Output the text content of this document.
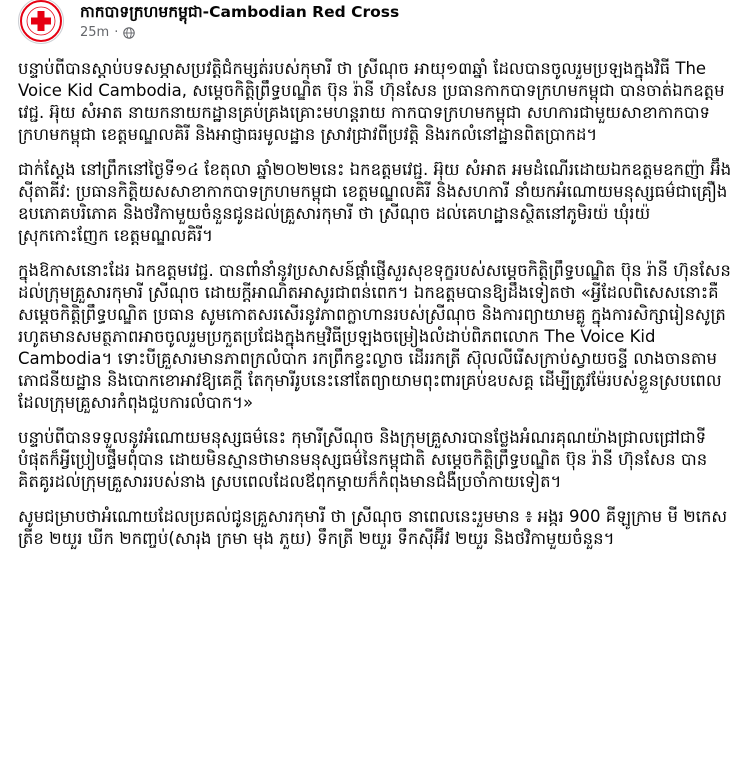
កាកបាទក្រហមកម្ពុជា-Cambodian Red Cross
25m ·

បន្ទាប់ពីបានស្តាប់បទសម្ភាសប្រវត្តិជំកម្សត់របស់កុមារី ថា ស្រីណុច អាយុ១៣ឆ្នាំ ដែលបានចូលរួមប្រឡងក្នុងវិធី The Voice Kid Cambodia, សម្តេចកិត្តិព្រឹទ្ធបណ្ឌិត ប៊ុន រ៉ានី ហ៊ុនសែន ប្រធានកាកបាទក្រហមកម្ពុជា បានចាត់ឯកឧត្តមវេជ្ជ. អ៊ុយ សំអាត នាយកនាយកដ្ឋានគ្រប់គ្រងគ្រោះមហន្តរាយ កាកបាទក្រហមកម្ពុជា សហការជាមួយសាខាកាកបាទក្រហមកម្ពុជា ខេត្តមណ្ឌលគិរី និងអាជ្ញាធរមូលដ្ឋាន ស្រាវជ្រាវពីប្រវត្តិ និងរកលំនៅដ្ឋានពិតប្រាកដ។

ជាក់ស្តែង នៅព្រឹកនៅថ្ងៃទី១៤ ខែតុលា ឆ្នាំ២០២២នេះ ឯកឧត្តមវេជ្ជ. អ៊ុយ សំអាត អមដំណើរដោយឯកឧត្តមឧកញ៉ា អ៊ឹង ស៊ីតាគីវ: ប្រធានកិត្តិយសសាខាកាកបាទក្រហមកម្ពុជា ខេត្តមណ្ឌលគិរី និងសហការី នាំយកអំណោយមនុស្សធម៌ជាគ្រឿងឧបភោគបរិភោគ និងថវិកាមួយចំនួនជូនដល់គ្រួសារកុមារី ថា ស្រីណុច ដល់គេហដ្ឋានស្ថិតនៅភូមិរយ៉ ឃុំរយ៉ ស្រុកកោះញែក ខេត្តមណ្ឌលគិរី។

ក្នុងឱកាសនោះដែរ ឯកឧត្តមវេជ្ជ. បានពាំនាំនូវប្រសាសន៍ផ្តាំផ្ញើសួរសុខទុក្ខរបស់សម្តេចកិត្តិព្រឹទ្ធបណ្ឌិត ប៊ុន រ៉ានី ហ៊ុនសែន ដល់ក្រុមគ្រួសារកុមារី ស្រីណុច ដោយក្តីអាណិតអាសូរជាពន់ពេក។ ឯកឧត្តមបានឱ្យដឹងទៀតថា «អ្វីដែលពិសេសនោះគឺ សម្តេចកិត្តិព្រឹទ្ធបណ្ឌិត ប្រធាន សូមកោតសរសើរនូវភាពក្លាហានរបស់ស្រីណុច និងការព្យាយាមគ្លូ ក្នុងការសិក្សារៀនសូត្រ រហូតមានសមត្ថភាពអាចចូលរួមប្រកួតប្រជែងក្នុងកម្មវិធីប្រឡងចម្រៀងលំដាប់ពិភពលោក The Voice Kid Cambodia។ ទោះបីគ្រួសារមានភាពក្រលំបាក រកព្រឹកខ្វះល្ងាច ដើររកត្រី ស៊ុលលីរើសក្រាប់ស្វាយចន្ទី លាងចានតាមភោជនីយដ្ឋាន និងបោកខោអាវឱ្យគេក្តី តែកុមារីរូបនេះនៅតែព្យាយាមពុះពារគ្រប់ឧបសគ្គ ដើម្បីត្រូវម៉ែរបស់ខ្លួនស្របពេល ដែលក្រុមគ្រួសារកំពុងជួបការលំបាក។»

បន្ទាប់ពីបានទទួលនូវអំណោយមនុស្សធម៌នេះ កុមារីស្រីណុច និងក្រុមគ្រួសារបានថ្លែងអំណរគុណយ៉ាងជ្រាលជ្រៅជាទីបំផុតក៏អ្វីប្រៀបផ្ទឹមពុំបាន ដោយមិនស្មានថាមានមនុស្សធម៌នៃកម្ពុជាតិ សម្តេចកិត្តិព្រឹទ្ធបណ្ឌិត ប៊ុន រ៉ានី ហ៊ុនសែន បានគិតគូរដល់ក្រុមគ្រួសាររបស់នាង ស្របពេលដែលឪពុកម្តាយក៏កំពុងមានជំងឺប្រចាំកាយទៀត។

សូមជម្រាបថាអំណោយដែលប្រគល់ជូនគ្រួសារកុមារី ថា ស្រីណុច នាពេលនេះរួមមាន ៖ អង្ករ 900 គីឡូក្រាម មី ២កេស ត្រីខ ២យួរ ឃីក ២កញ្ចប់(សារុង ក្រមា មុង ភួយ) ទឹកត្រី ២យួរ ទឹកស៊ីអ៊ីវ ២យួរ និងថវិកាមួយចំនួន។
